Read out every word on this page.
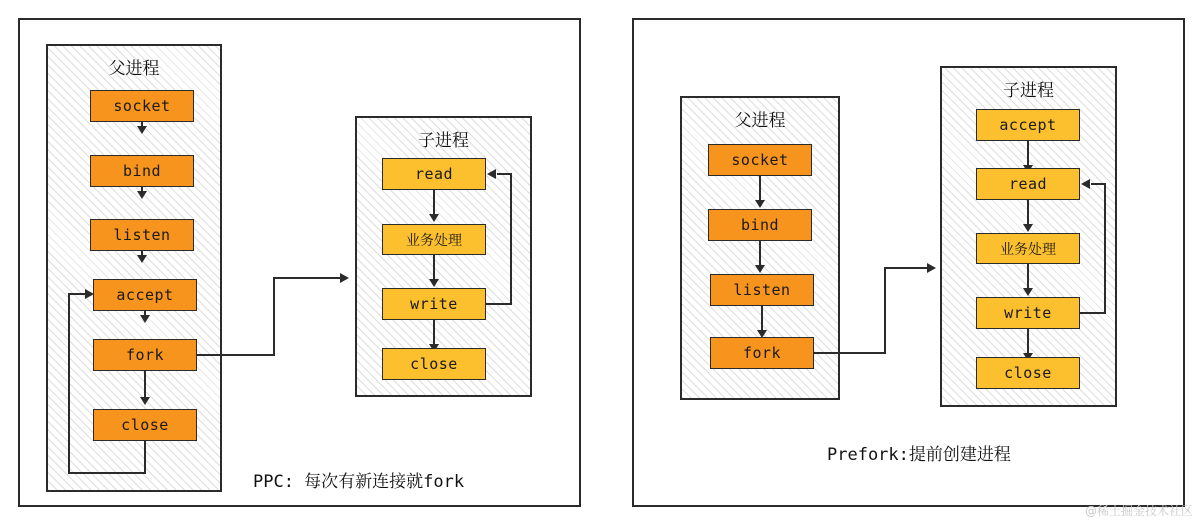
父进程
socket
bind
listen
accept
fork
close
子进程
read
业务处理
write
close
PPC: 每次有新连接就fork
父进程
socket
bind
listen
fork
子进程
accept
read
业务处理
write
close
Prefork:提前创建进程
@稀土掘金技术社区
